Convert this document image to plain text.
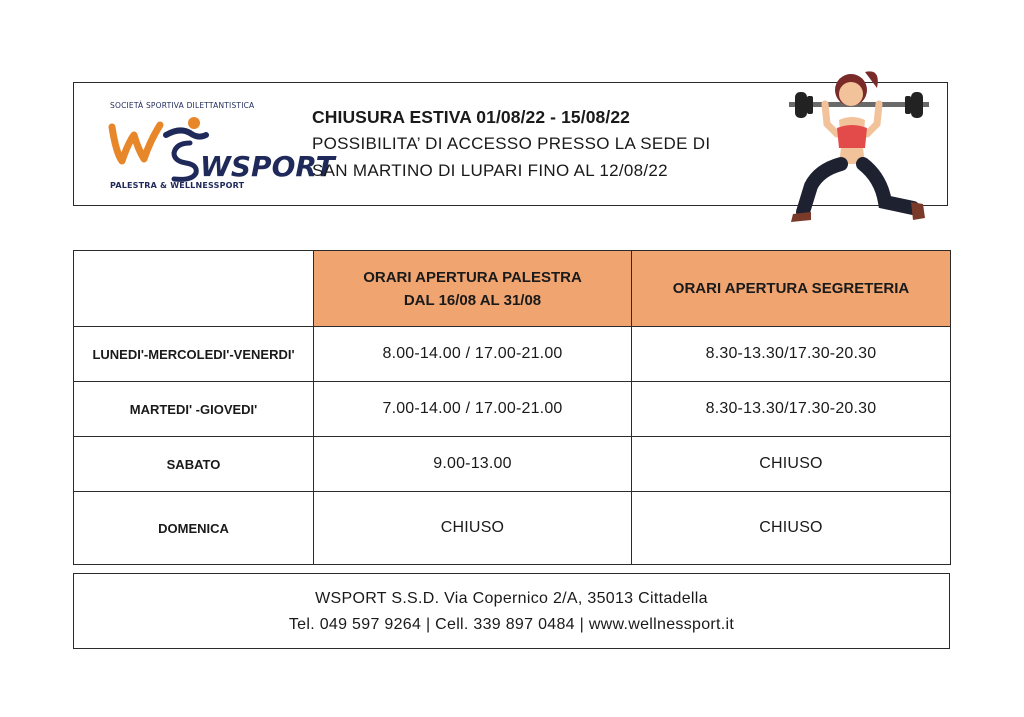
SOCIETÀ SPORTIVA DILETTANTISTICA
WSPORT
PALESTRA & WELLNESSPORT

CHIUSURA ESTIVA 01/08/22 - 15/08/22

POSSIBILITA’ DI ACCESSO PRESSO LA SEDE DI

SAN MARTINO DI LUPARI FINO AL 12/08/22

	ORARI APERTURA PALESTRA
DAL 16/08 AL 31/08	ORARI APERTURA SEGRETERIA
LUNEDI'-MERCOLEDI'-VENERDI'	8.00-14.00 / 17.00-21.00	8.30-13.30/17.30-20.30
MARTEDI' -GIOVEDI'	7.00-14.00 / 17.00-21.00	8.30-13.30/17.30-20.30
SABATO	9.00-13.00	CHIUSO
DOMENICA	CHIUSO	CHIUSO

WSPORT S.S.D. Via Copernico 2/A, 35013 Cittadella

Tel. 049 597 9264 | Cell. 339 897 0484 | www.wellnessport.it
